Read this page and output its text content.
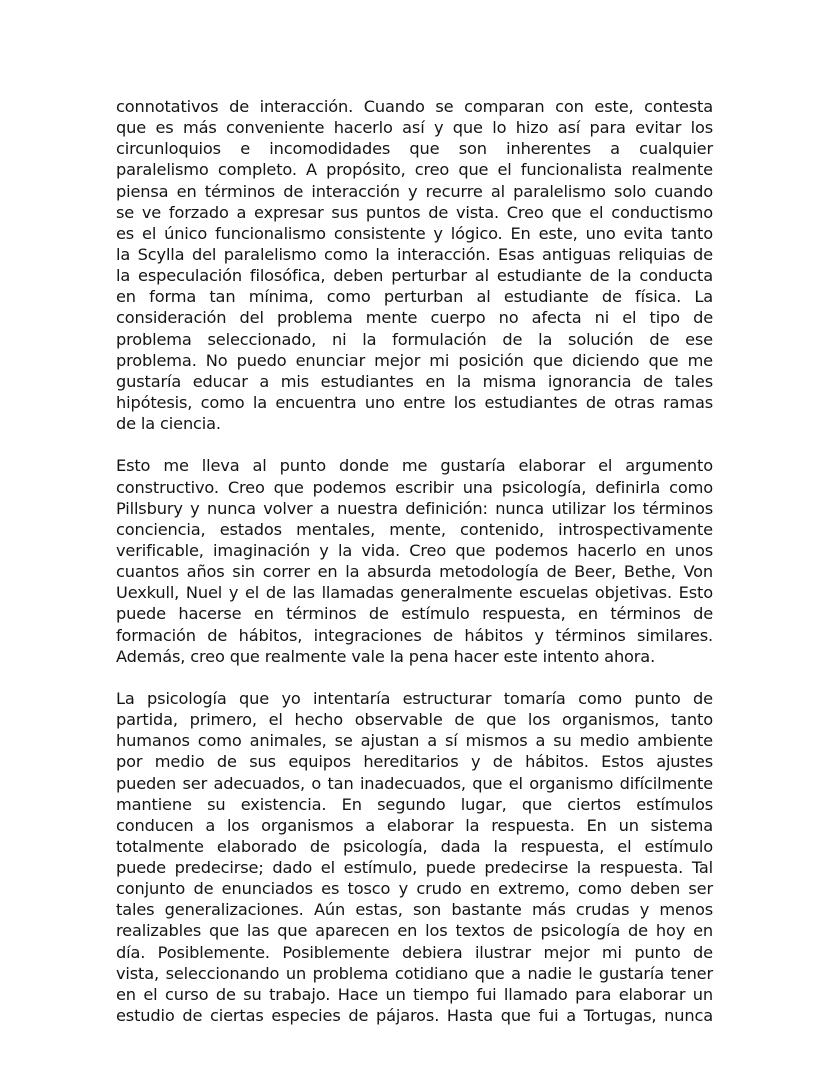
connotativos de interacción. Cuando se comparan con este, contesta
que es más conveniente hacerlo así y que lo hizo así para evitar los
circunloquios e incomodidades que son inherentes a cualquier
paralelismo completo. A propósito, creo que el funcionalista realmente
piensa en términos de interacción y recurre al paralelismo solo cuando
se ve forzado a expresar sus puntos de vista. Creo que el conductismo
es el único funcionalismo consistente y lógico. En este, uno evita tanto
la Scylla del paralelismo como la interacción. Esas antiguas reliquias de
la especulación filosófica, deben perturbar al estudiante de la conducta
en forma tan mínima, como perturban al estudiante de física. La
consideración del problema mente cuerpo no afecta ni el tipo de
problema seleccionado, ni la formulación de la solución de ese
problema. No puedo enunciar mejor mi posición que diciendo que me
gustaría educar a mis estudiantes en la misma ignorancia de tales
hipótesis, como la encuentra uno entre los estudiantes de otras ramas
de la ciencia.
Esto me lleva al punto donde me gustaría elaborar el argumento
constructivo. Creo que podemos escribir una psicología, definirla como
Pillsbury y nunca volver a nuestra definición: nunca utilizar los términos
conciencia, estados mentales, mente, contenido, introspectivamente
verificable, imaginación y la vida. Creo que podemos hacerlo en unos
cuantos años sin correr en la absurda metodología de Beer, Bethe, Von
Uexkull, Nuel y el de las llamadas generalmente escuelas objetivas. Esto
puede hacerse en términos de estímulo respuesta, en términos de
formación de hábitos, integraciones de hábitos y términos similares.
Además, creo que realmente vale la pena hacer este intento ahora.
La psicología que yo intentaría estructurar tomaría como punto de
partida, primero, el hecho observable de que los organismos, tanto
humanos como animales, se ajustan a sí mismos a su medio ambiente
por medio de sus equipos hereditarios y de hábitos. Estos ajustes
pueden ser adecuados, o tan inadecuados, que el organismo difícilmente
mantiene su existencia. En segundo lugar, que ciertos estímulos
conducen a los organismos a elaborar la respuesta. En un sistema
totalmente elaborado de psicología, dada la respuesta, el estímulo
puede predecirse; dado el estímulo, puede predecirse la respuesta. Tal
conjunto de enunciados es tosco y crudo en extremo, como deben ser
tales generalizaciones. Aún estas, son bastante más crudas y menos
realizables que las que aparecen en los textos de psicología de hoy en
día. Posiblemente. Posiblemente debiera ilustrar mejor mi punto de
vista, seleccionando un problema cotidiano que a nadie le gustaría tener
en el curso de su trabajo. Hace un tiempo fui llamado para elaborar un
estudio de ciertas especies de pájaros. Hasta que fui a Tortugas, nunca
